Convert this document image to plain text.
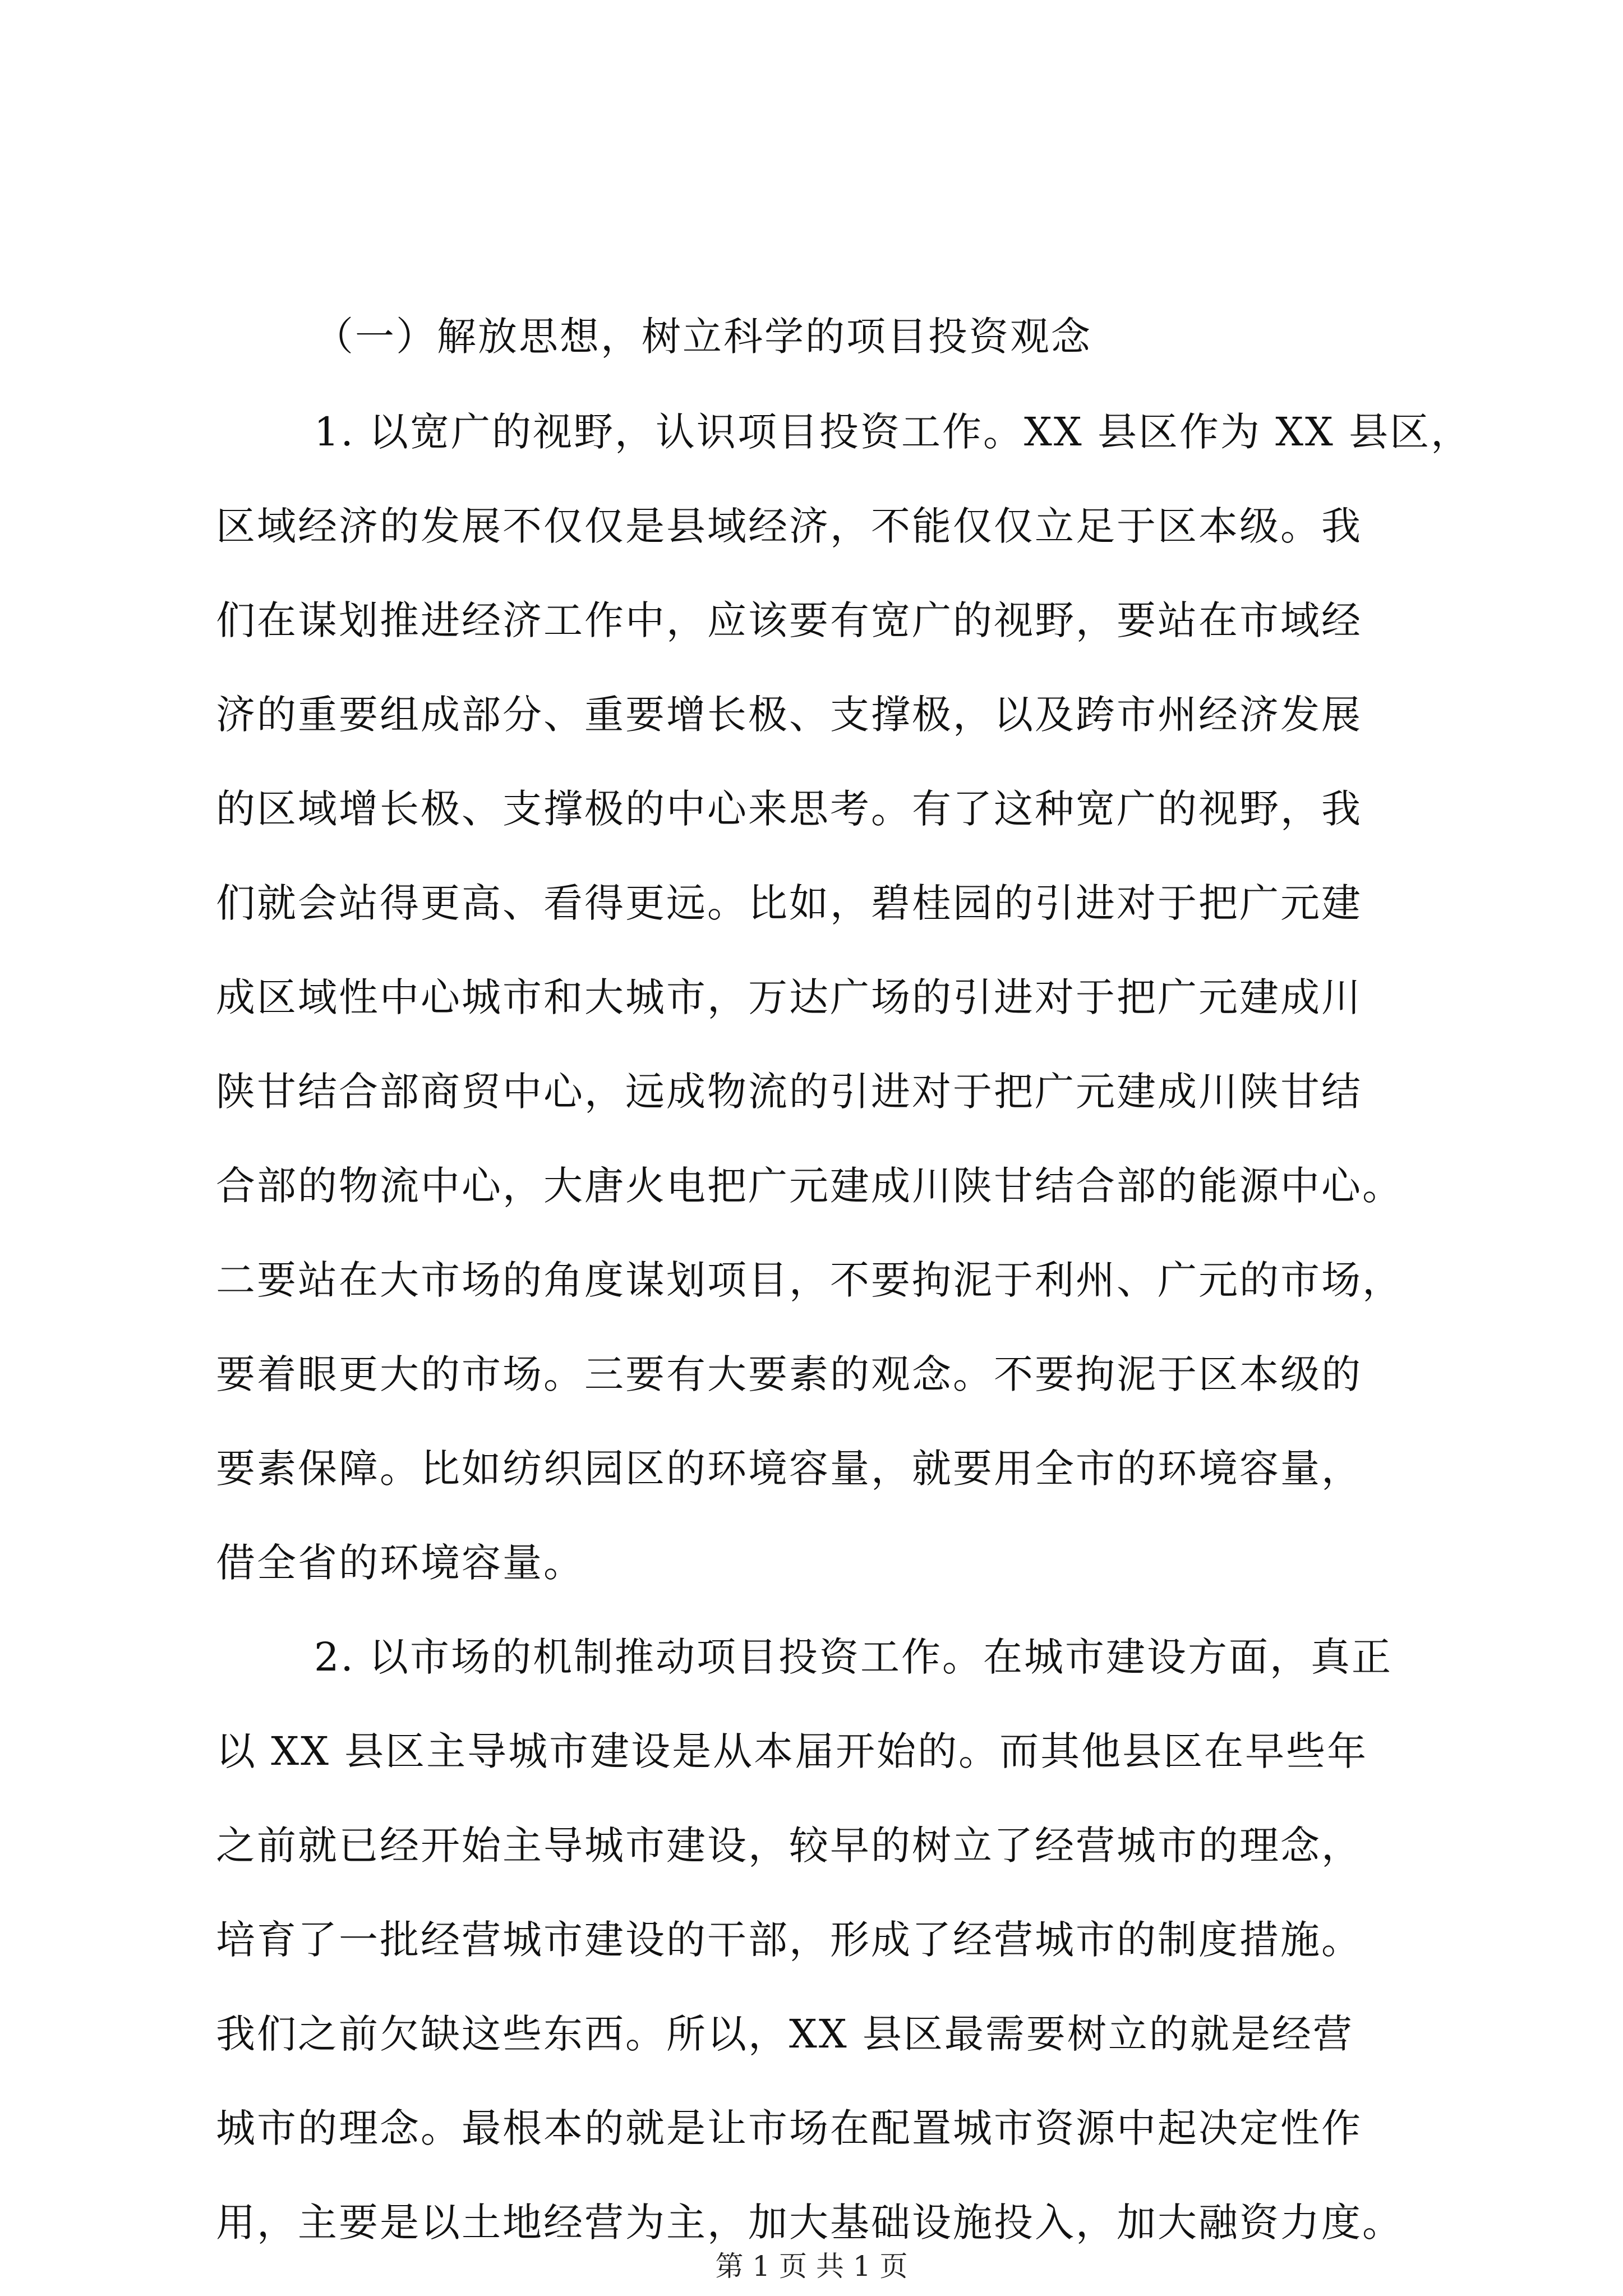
（一）解放思想，树立科学的项目投资观念
1. 以宽广的视野，认识项目投资工作。XX 县区作为 XX 县区，
区域经济的发展不仅仅是县域经济，不能仅仅立足于区本级。我
们在谋划推进经济工作中，应该要有宽广的视野，要站在市域经
济的重要组成部分、重要增长极、支撑极，以及跨市州经济发展
的区域增长极、支撑极的中心来思考。有了这种宽广的视野，我
们就会站得更高、看得更远。比如，碧桂园的引进对于把广元建
成区域性中心城市和大城市，万达广场的引进对于把广元建成川
陕甘结合部商贸中心，远成物流的引进对于把广元建成川陕甘结
合部的物流中心，大唐火电把广元建成川陕甘结合部的能源中心。
二要站在大市场的角度谋划项目，不要拘泥于利州、广元的市场，
要着眼更大的市场。三要有大要素的观念。不要拘泥于区本级的
要素保障。比如纺织园区的环境容量，就要用全市的环境容量，
借全省的环境容量。
2. 以市场的机制推动项目投资工作。在城市建设方面，真正
以 XX 县区主导城市建设是从本届开始的。而其他县区在早些年
之前就已经开始主导城市建设，较早的树立了经营城市的理念，
培育了一批经营城市建设的干部，形成了经营城市的制度措施。
我们之前欠缺这些东西。所以，XX 县区最需要树立的就是经营
城市的理念。最根本的就是让市场在配置城市资源中起决定性作
用，主要是以土地经营为主，加大基础设施投入，加大融资力度。
第 1 页 共 1 页
